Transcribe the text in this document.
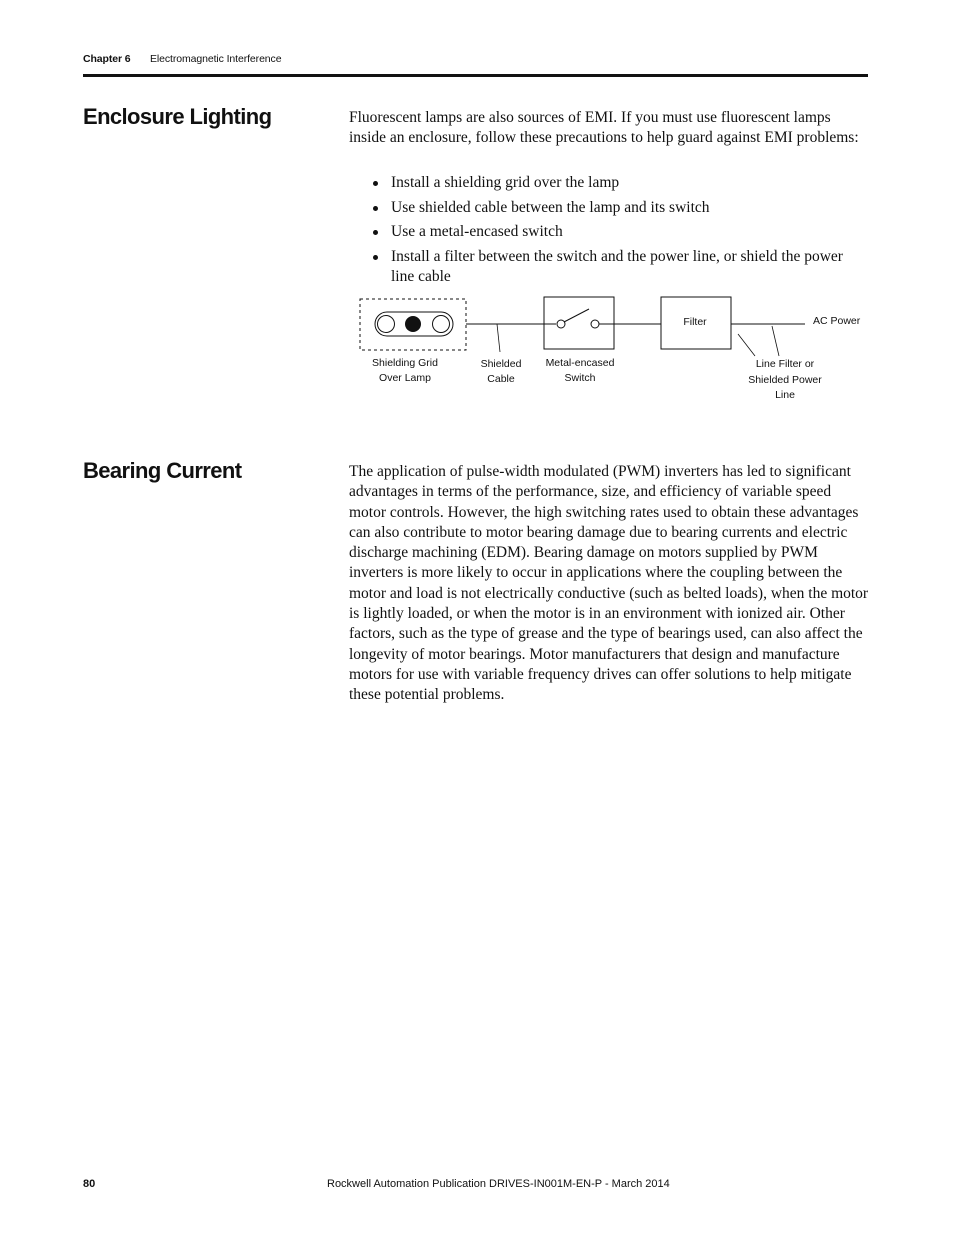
Chapter 6 Electromagnetic Interference
Enclosure Lighting	Fluorescent lamps are also sources of EMI. If you must use fluorescent lamps inside an enclosure, follow these precautions to help guard against EMI problems:

Install a shielding grid over the lamp
Use shielded cable between the lamp and its switch
Use a metal-encased switch
Install a filter between the switch and the power line, or shield the power line cable
Filter	AC Power
Shielding Grid
Over Lamp
Shielded
Cable
Metal-encased
Switch
Line Filter or
Shielded Power
Line
Bearing Current	The application of pulse-width modulated (PWM) inverters has led to significant advantages in terms of the performance, size, and efficiency of variable speed motor controls. However, the high switching rates used to obtain these advantages can also contribute to motor bearing damage due to bearing currents and electric discharge machining (EDM). Bearing damage on motors supplied by PWM inverters is more likely to occur in applications where the coupling between the motor and load is not electrically conductive (such as belted loads), when the motor is lightly loaded, or when the motor is in an environment with ionized air. Other factors, such as the type of grease and the type of bearings used, can also affect the longevity of motor bearings. Motor manufacturers that design and manufacture motors for use with variable frequency drives can offer solutions to help mitigate these potential problems.

80	Rockwell Automation Publication DRIVES-IN001M-EN-P - March 2014
